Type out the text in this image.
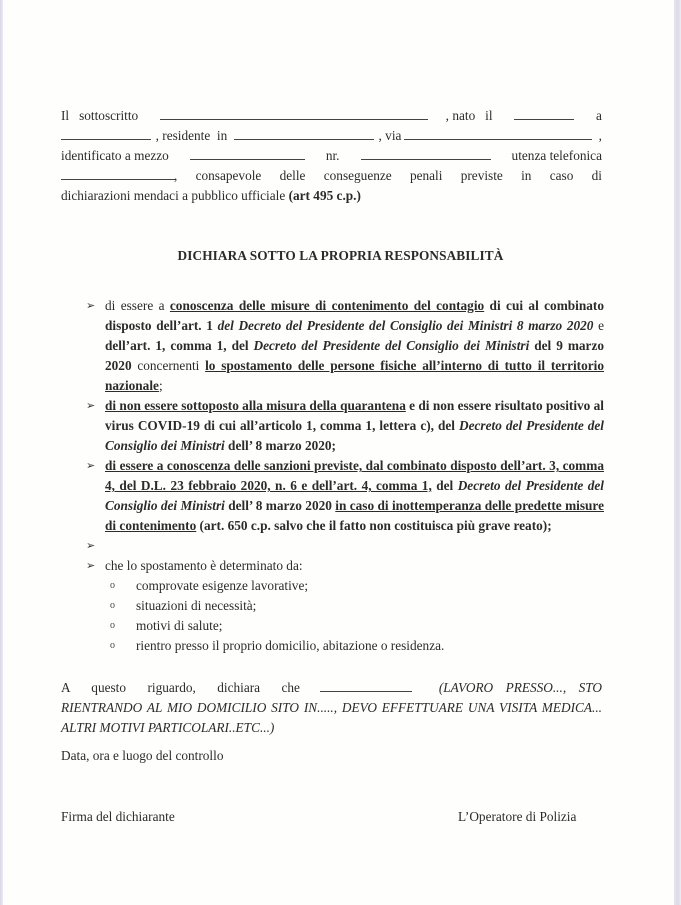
Il   sottoscritto	, nato   il	a
, residente  in	, via	,
identificato a mezzo	nr.	utenza telefonica
, consapevole delle conseguenze penali previste in caso di
dichiarazioni mendaci a pubblico ufficiale (art 495 c.p.)
DICHIARA SOTTO LA PROPRIA RESPONSABILITÀ
➢ di essere a conoscenza delle misure di contenimento del contagio di cui al combinato disposto dell’art. 1 del Decreto del Presidente del Consiglio dei Ministri 8 marzo 2020 e dell’art. 1, comma 1, del Decreto del Presidente del Consiglio dei Ministri del 9 marzo 2020 concernenti lo spostamento delle persone fisiche all’interno di tutto il territorio nazionale;
➢ di non essere sottoposto alla misura della quarantena e di non essere risultato positivo al virus COVID-19 di cui all’articolo 1, comma 1, lettera c), del Decreto del Presidente del Consiglio dei Ministri dell’ 8 marzo 2020;
➢ di essere a conoscenza delle sanzioni previste, dal combinato disposto dell’art. 3, comma 4, del D.L. 23 febbraio 2020, n. 6 e dell’art. 4, comma 1, del Decreto del Presidente del Consiglio dei Ministri dell’ 8 marzo 2020 in caso di inottemperanza delle predette misure di contenimento (art. 650 c.p. salvo che il fatto non costituisca più grave reato);
➢
➢ che lo spostamento è determinato da:
o comprovate esigenze lavorative;
o situazioni di necessità;
o motivi di salute;
o rientro presso il proprio domicilio, abitazione o residenza.
A questo riguardo, dichiara che	(LAVORO PRESSO..., STO RIENTRANDO AL MIO DOMICILIO SITO IN....., DEVO EFFETTUARE UNA VISITA MEDICA... ALTRI MOTIVI PARTICOLARI..ETC...)
Data, ora e luogo del controllo
Firma del dichiarante	L’Operatore di Polizia
